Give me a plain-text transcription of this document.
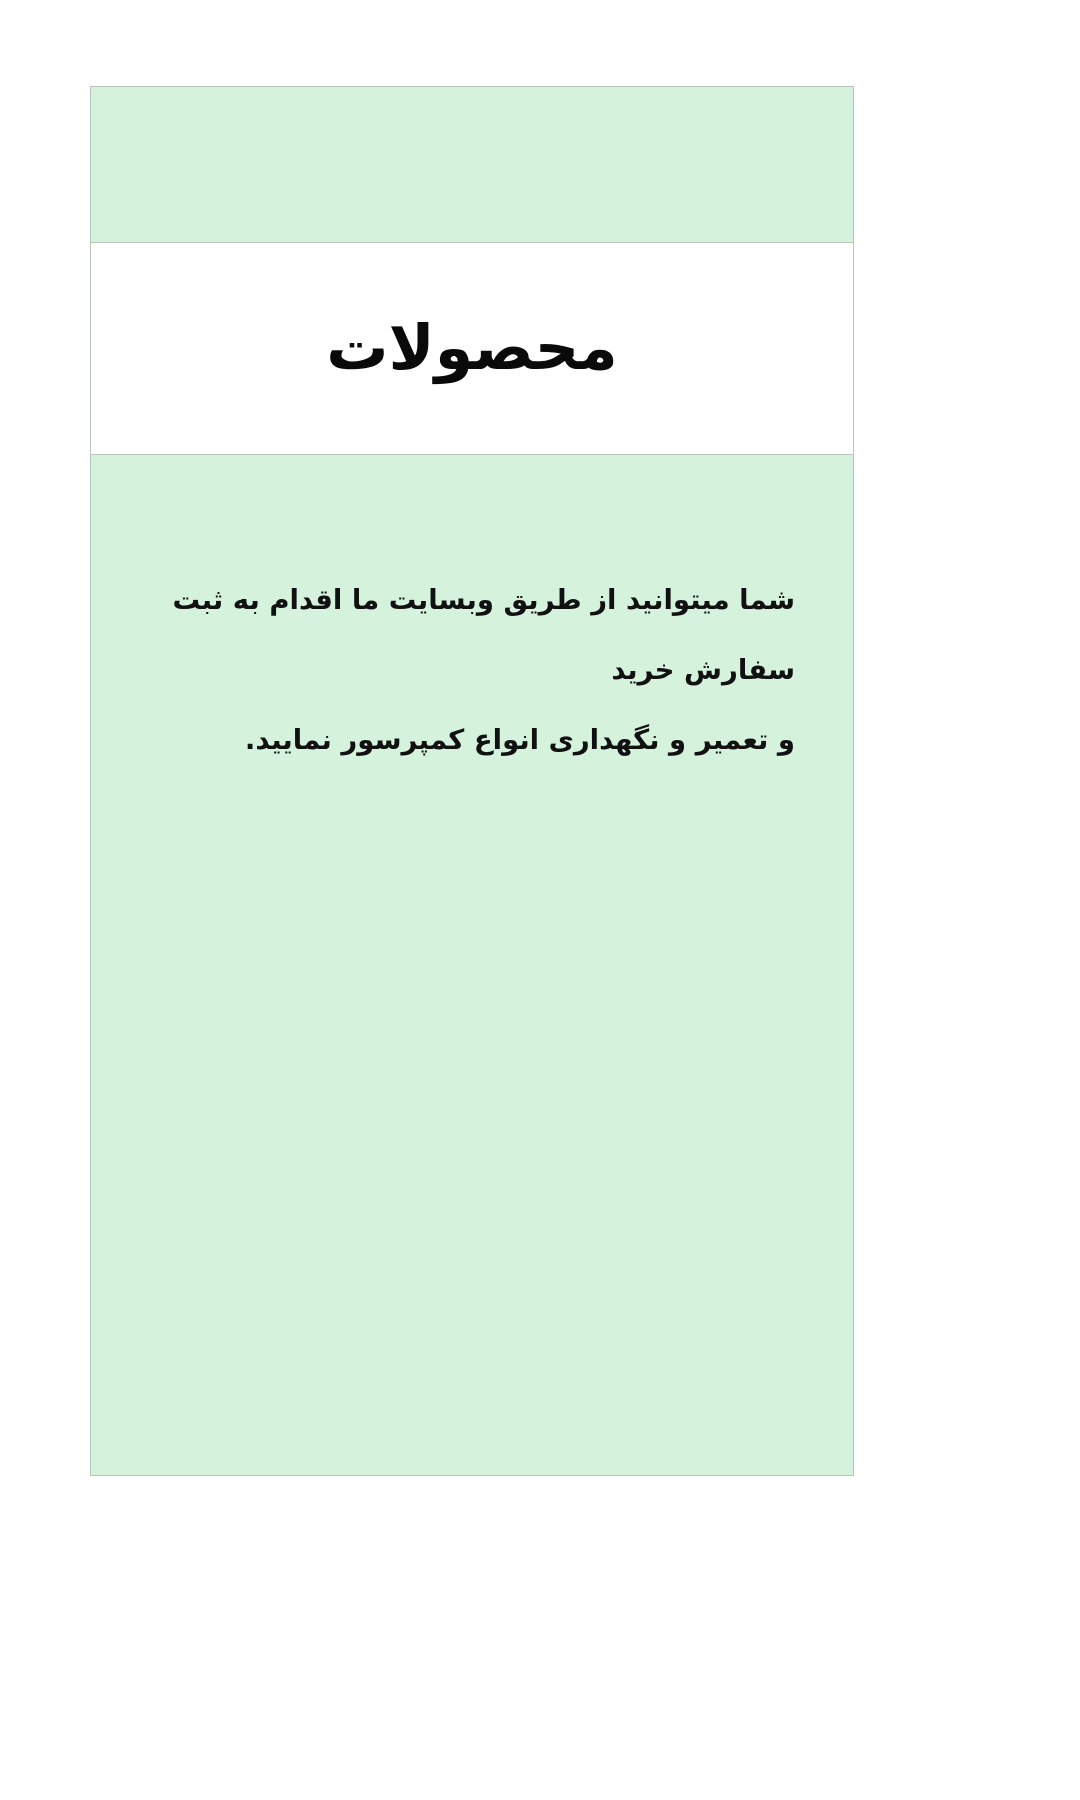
محصولات
شما میتوانید از طریق وبسایت ما اقدام به ثبت سفارش خرید
و تعمیر و نگهداری انواع کمپرسور نمایید.
